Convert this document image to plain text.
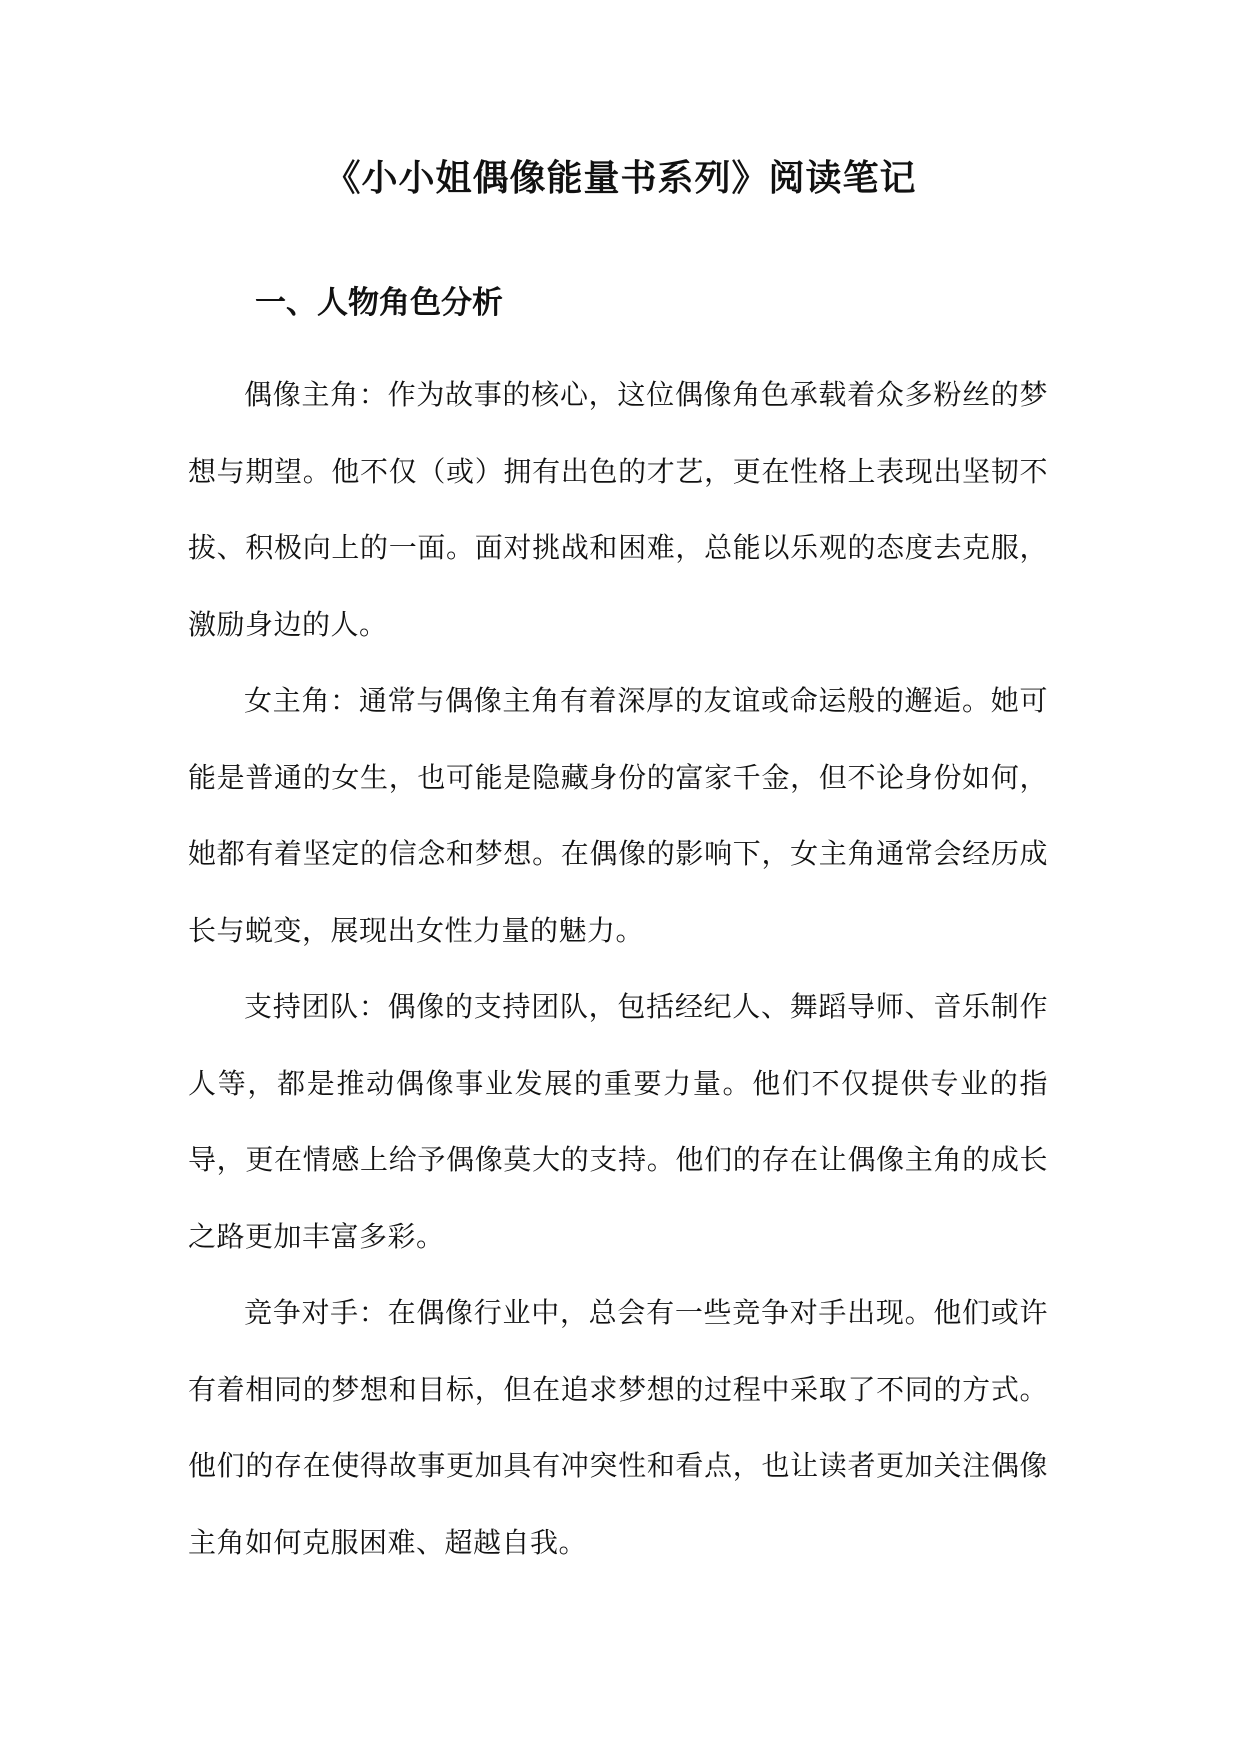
《小小姐偶像能量书系列》阅读笔记
一、人物角色分析

偶像主角：作为故事的核心，这位偶像角色承载着众多粉丝的梦想与期望。他不仅（或）拥有出色的才艺，更在性格上表现出坚韧不拔、积极向上的一面。面对挑战和困难，总能以乐观的态度去克服，激励身边的人。

女主角：通常与偶像主角有着深厚的友谊或命运般的邂逅。她可能是普通的女生，也可能是隐藏身份的富家千金，但不论身份如何，她都有着坚定的信念和梦想。在偶像的影响下，女主角通常会经历成长与蜕变，展现出女性力量的魅力。

支持团队：偶像的支持团队，包括经纪人、舞蹈导师、音乐制作人等，都是推动偶像事业发展的重要力量。他们不仅提供专业的指导，更在情感上给予偶像莫大的支持。他们的存在让偶像主角的成长之路更加丰富多彩。

竞争对手：在偶像行业中，总会有一些竞争对手出现。他们或许有着相同的梦想和目标，但在追求梦想的过程中采取了不同的方式。他们的存在使得故事更加具有冲突性和看点，也让读者更加关注偶像主角如何克服困难、超越自我。
